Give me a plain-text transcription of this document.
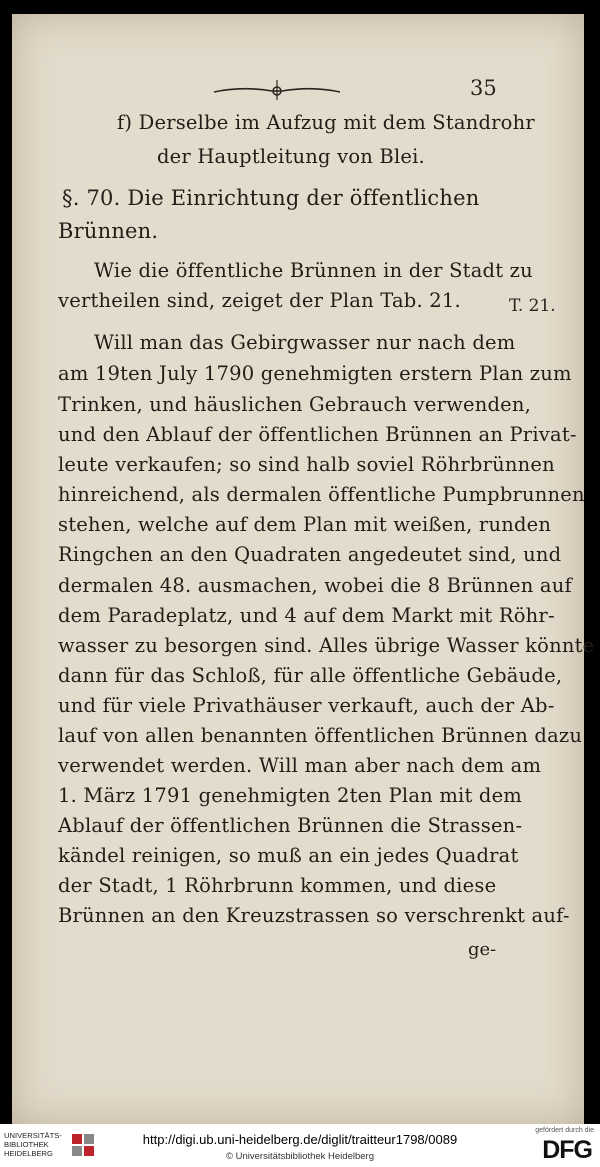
35
f) Derselbe im Aufzug mit dem Standrohr
der Hauptleitung von Blei.
§. 70. Die Einrichtung der öffentlichen
Brünnen.
Wie die öffentliche Brünnen in der Stadt zu
vertheilen sind, zeiget der Plan Tab. 21.	T. 21.
Will man das Gebirgwasser nur nach dem
am 19ten July 1790 genehmigten erstern Plan zum
Trinken, und häuslichen Gebrauch verwenden,
und den Ablauf der öffentlichen Brünnen an Privat-
leute verkaufen; so sind halb soviel Röhrbrünnen
hinreichend, als dermalen öffentliche Pumpbrunnen
stehen, welche auf dem Plan mit weißen, runden
Ringchen an den Quadraten angedeutet sind, und
dermalen 48. ausmachen, wobei die 8 Brünnen auf
dem Paradeplatz, und 4 auf dem Markt mit Röhr-
wasser zu besorgen sind. Alles übrige Wasser könnte
dann für das Schloß, für alle öffentliche Gebäude,
und für viele Privathäuser verkauft, auch der Ab-
lauf von allen benannten öffentlichen Brünnen dazu
verwendet werden. Will man aber nach dem am
1. März 1791 genehmigten 2ten Plan mit dem
Ablauf der öffentlichen Brünnen die Strassen-
kändel reinigen, so muß an ein jedes Quadrat
der Stadt, 1 Röhrbrunn kommen, und diese
Brünnen an den Kreuzstrassen so verschrenkt auf-
ge-
UNIVERSITÄTS-
BIBLIOTHEK
HEIDELBERG
http://digi.ub.uni-heidelberg.de/diglit/traitteur1798/0089
© Universitätsbibliothek Heidelberg
gefördert durch die
DFG
